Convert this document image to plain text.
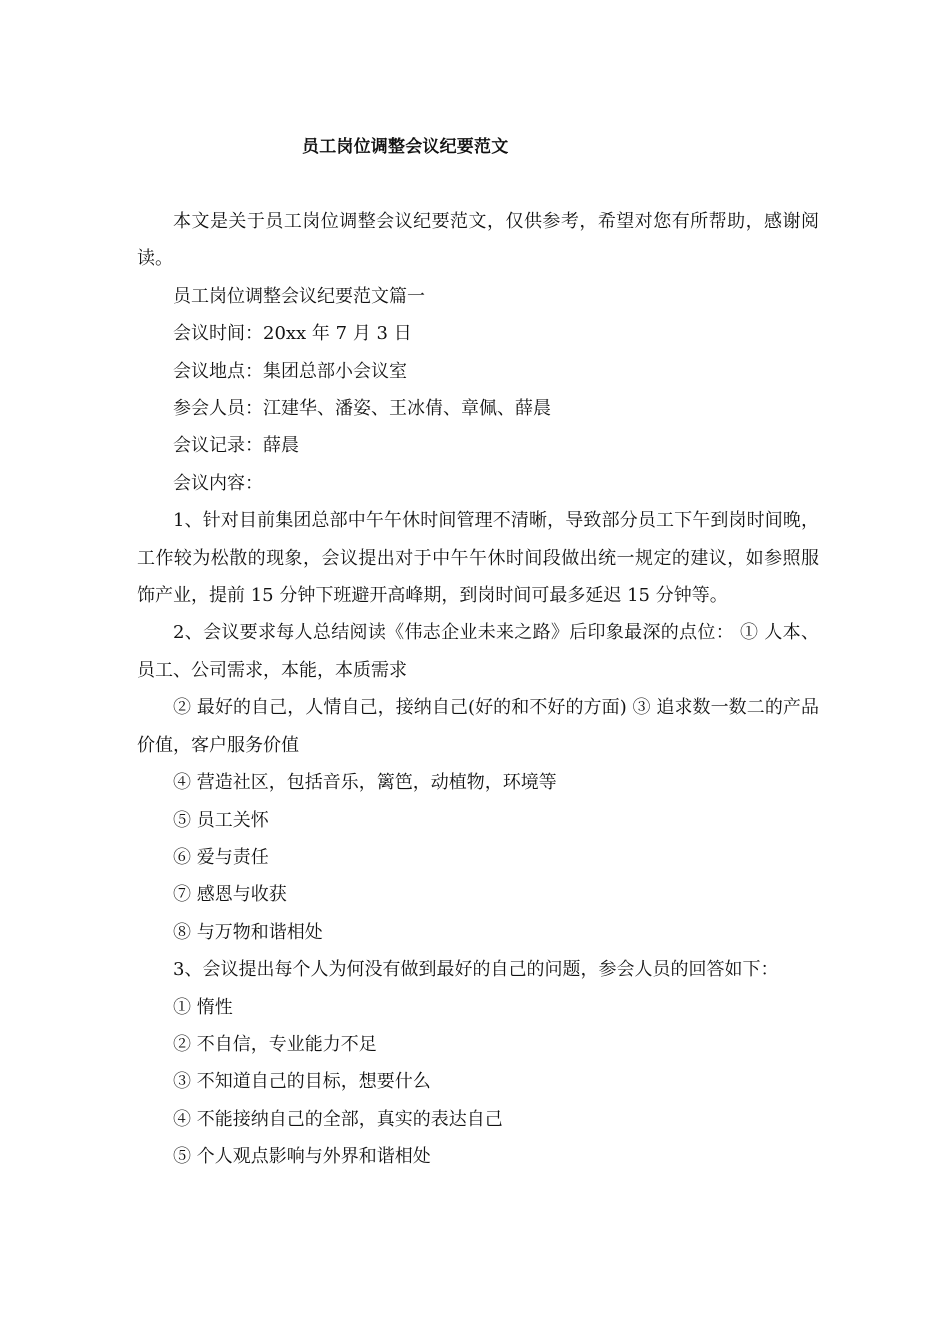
员工岗位调整会议纪要范文

本文是关于员工岗位调整会议纪要范文，仅供参考，希望对您有所帮助，感谢阅读。

员工岗位调整会议纪要范文篇一

会议时间：20xx 年 7 月 3 日

会议地点：集团总部小会议室

参会人员：江建华、潘姿、王冰倩、章佩、薛晨

会议记录：薛晨

会议内容：

1、针对目前集团总部中午午休时间管理不清晰，导致部分员工下午到岗时间晚，工作较为松散的现象，会议提出对于中午午休时间段做出统一规定的建议，如参照服饰产业，提前 15 分钟下班避开高峰期，到岗时间可最多延迟 15 分钟等。

2、会议要求每人总结阅读《伟志企业未来之路》后印象最深的点位： ① 人本、员工、公司需求，本能，本质需求

② 最好的自己，人情自己，接纳自己(好的和不好的方面) ③ 追求数一数二的产品价值，客户服务价值

④ 营造社区，包括音乐，篱笆，动植物，环境等

⑤ 员工关怀

⑥ 爱与责任

⑦ 感恩与收获

⑧ 与万物和谐相处

3、会议提出每个人为何没有做到最好的自己的问题，参会人员的回答如下：

① 惰性

② 不自信，专业能力不足

③ 不知道自己的目标，想要什么

④ 不能接纳自己的全部，真实的表达自己

⑤ 个人观点影响与外界和谐相处
